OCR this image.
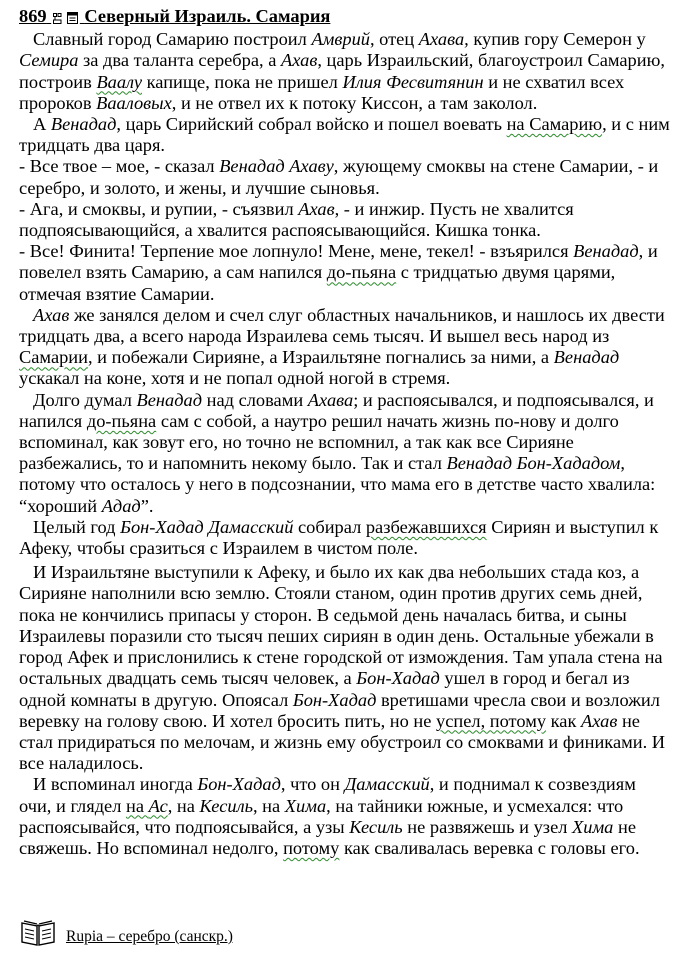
869 Северный Израиль. Самария

Славный город Самарию построил Амврий, отец Ахава, купив гору Семерон у Семира за два таланта серебра, а Ахав, царь Израильский, благоустроил Самарию, построив Ваалу капище, пока не пришел Илия Фесвитянин и не схватил всех пророков Вааловых, и не отвел их к потоку Киссон, а там заколол.

А Венадад, царь Сирийский собрал войско и пошел воевать на Самарию, и с ним тридцать два царя.

- Все твое – мое, - сказал Венадад Ахаву, жующему смоквы на стене Самарии, - и серебро, и золото, и жены, и лучшие сыновья.

- Ага, и смоквы, и рупии, - съязвил Ахав, - и инжир. Пусть не хвалится подпоясывающийся, а хвалится распоясывающийся. Кишка тонка.

- Все! Финита! Терпение мое лопнуло! Мене, мене, текел! - взъярился Венадад, и повелел взять Самарию, а сам напился до-пьяна с тридцатью двумя царями, отмечая взятие Самарии.

Ахав же занялся делом и счел слуг областных начальников, и нашлось их двести тридцать два, а всего народа Израилева семь тысяч. И вышел весь народ из Самарии, и побежали Сирияне, а Израильтяне погнались за ними, а Венадад ускакал на коне, хотя и не попал одной ногой в стремя.

Долго думал Венадад над словами Ахава; и распоясывался, и подпоясывался, и напился до-пьяна сам с собой, а наутро решил начать жизнь по-нову и долго вспоминал, как зовут его, но точно не вспомнил, а так как все Сирияне разбежались, то и напомнить некому было. Так и стал Венадад Бон-Хададом, потому что осталось у него в подсознании, что мама его в детстве часто хвалила: “хороший Адад”.

Целый год Бон-Хадад Дамасский собирал разбежавшихся Сириян и выступил к Афеку, чтобы сразиться с Израилем в чистом поле.

И Израильтяне выступили к Афеку, и было их как два небольших стада коз, а Сирияне наполнили всю землю. Стояли станом, один против других семь дней, пока не кончились припасы у сторон. В седьмой день началась битва, и сыны Израилевы поразили сто тысяч пеших сириян в один день. Остальные убежали в город Афек и прислонились к стене городской от измождения. Там упала стена на остальных двадцать семь тысяч человек, а Бон-Хадад ушел в город и бегал из одной комнаты в другую. Опоясал Бон-Хадад вретишами чресла свои и возложил веревку на голову свою. И хотел бросить пить, но не успел, потому как Ахав не стал придираться по мелочам, и жизнь ему обустроил со смоквами и финиками. И все наладилось.

И вспоминал иногда Бон-Хадад, что он Дамасский, и поднимал к созвездиям очи, и глядел на Ас, на Кесиль, на Хима, на тайники южные, и усмехался: что распоясывайся, что подпоясывайся, а узы Кесиль не развяжешь и узел Хима не свяжешь. Но вспоминал недолго, потому как сваливалась веревка с головы его.

Rupia – серебро (санскр.)
